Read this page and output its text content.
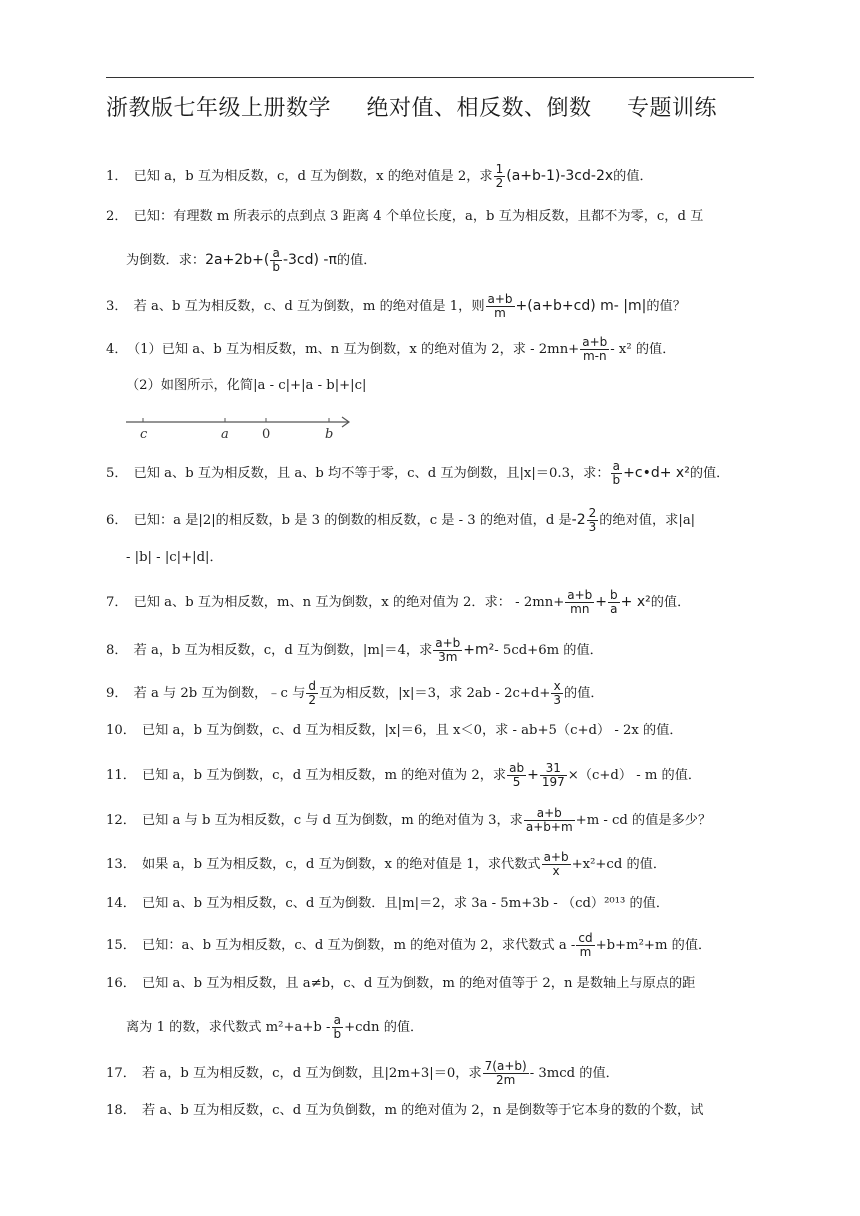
浙教版七年级上册数学 绝对值、相反数、倒数 专题训练
1． 已知 a，b 互为相反数，c，d 互为倒数，x 的绝对值是 2，求 $\frac{1}{2} (a+b-1)-3cd-2x$的值．
2． 已知：有理数 m 所表示的点到点 3 距离 4 个单位长度，a，b 互为相反数，且都不为零，c，d 互
为倒数．求：$2a+2b+( \frac{a}{b} -3cd)$ -π的值．
3． 若 a、b 互为相反数，c、d 互为倒数，m 的绝对值是 1，则 $\frac{a+b}{m} +(a+b+cd)$ m- |m|的值？
4． （1）已知 a、b 互为相反数，m、n 互为倒数，x 的绝对值为 2，求 - $2mn+ \frac{a+b}{m-n} - x^2$ 的值．
（2）如图所示，化简|a - c|+|a - b|+|c|
c	a	0	b
5． 已知 a、b 互为相反数，且 a、b 均不等于零，c、d 互为倒数，且|x|＝0.3，求： $\frac{a}{b}$ +c•d+ x²的值．
6． 已知：a 是|2|的相反数，b 是 3 的倒数的相反数，c 是 - 3 的绝对值，d 是$-2 \frac{2}{3}$ 的绝对值，求|a|
- |b| - |c|+|d|．
7． 已知 a、b 互为相反数，m、n 互为倒数，x 的绝对值为 2．求： - $2mn+ \frac{a+b}{mn} + \frac{b}{a} + x^2$的值．
8． 若 a，b 互为相反数，c，d 互为倒数，|m|＝4，求 $\frac{a+b}{3m} +m^2-$ 5cd+6m 的值．
9． 若 a 与 2b 互为倒数，﹣c 与 $\frac{d}{2}$ 互为相反数，|x|＝3，求 $2ab - 2c+d+ \frac{x}{3}$ 的值．
10． 已知 a，b 互为倒数，c、d 互为相反数，|x|＝6，且 x＜0，求 - ab+5（c+d） - 2x 的值．
11． 已知 a，b 互为倒数，c，d 互为相反数，m 的绝对值为 2，求 $\frac{ab}{5} + \frac{31}{197} \times(c+d) - m$ 的值．
12． 已知 a 与 b 互为相反数，c 与 d 互为倒数，m 的绝对值为 3，求 $\frac{a+b}{a+b+m} +m$ - cd 的值是多少？
13． 如果 a，b 互为相反数，c，d 互为倒数，x 的绝对值是 1，求代数式 $\frac{a+b}{x} +x^2+cd$ 的值．
14． 已知 a、b 互为相反数，c、d 互为倒数．且|m|＝2，求 3a - 5m+3b - （cd）²⁰¹³ 的值．
15． 已知：a、b 互为相反数，c、d 互为倒数，m 的绝对值为 2，求代数式 $a - \frac{cd}{m} +b+m^2+m$ 的值．
16． 已知 a、b 互为相反数，且 a≠b，c、d 互为倒数，m 的绝对值等于 2，n 是数轴上与原点的距
离为 1 的数，求代数式 $m^2+a+b - \frac{a}{b} +cdn$ 的值．
17． 若 a，b 互为相反数，c，d 互为倒数，且|2m+3|＝0，求 $\frac{7(a+b)}{2m} - 3mcd$ 的值．
18． 若 a、b 互为相反数，c、d 互为负倒数，m 的绝对值为 2，n 是倒数等于它本身的数的个数，试
